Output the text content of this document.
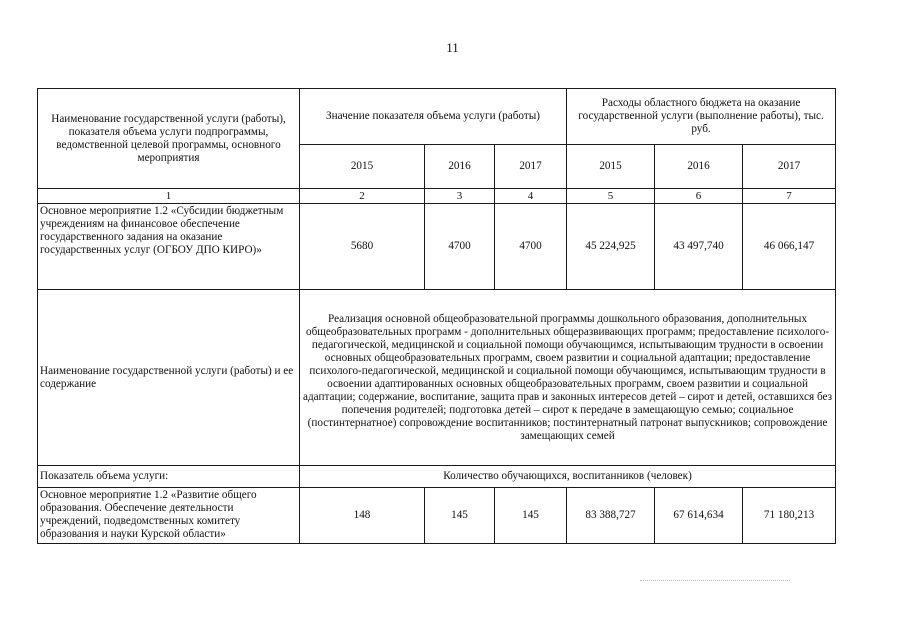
11
Наименование государственной услуги (работы), показателя объема услуги подпрограммы, ведомственной целевой программы, основного мероприятия	Значение показателя объема услуги (работы)			Расходы областного бюджета на оказание государственной услуги (выполнение работы), тыс. руб.		
	2015	2016	2017	2015	2016	2017
1	2	3	4	5	6	7
Основное мероприятие 1.2 «Субсидии бюджетным учреждениям на финансовое обеспечение государственного задания на оказание государственных услуг (ОГБОУ ДПО КИРО)»	5680	4700	4700	45 224,925	43 497,740	46 066,147
Наименование государственной услуги (работы) и ее содержание	Реализация основной общеобразовательной программы дошкольного образования, дополнительных общеобразовательных программ - дополнительных общеразвивающих программ; предоставление психолого-педагогической, медицинской и социальной помощи обучающимся, испытывающим трудности в освоении основных общеобразовательных программ, своем развитии и социальной адаптации; предоставление психолого-педагогической, медицинской и социальной помощи обучающимся, испытывающим трудности в освоении адаптированных основных общеобразовательных программ, своем развитии и социальной адаптации; содержание, воспитание, защита прав и законных интересов детей – сирот и детей, оставшихся без попечения родителей; подготовка детей – сирот к передаче в замещающую семью; социальное (постинтернатное) сопровождение воспитанников; постинтернатный патронат выпускников; сопровождение замещающих семей					
Показатель объема услуги:	Количество обучающихся, воспитанников (человек)					
Основное мероприятие 1.2 «Развитие общего образования. Обеспечение деятельности учреждений, подведомственных комитету образования и науки Курской области»	148	145	145	83 388,727	67 614,634	71 180,213
